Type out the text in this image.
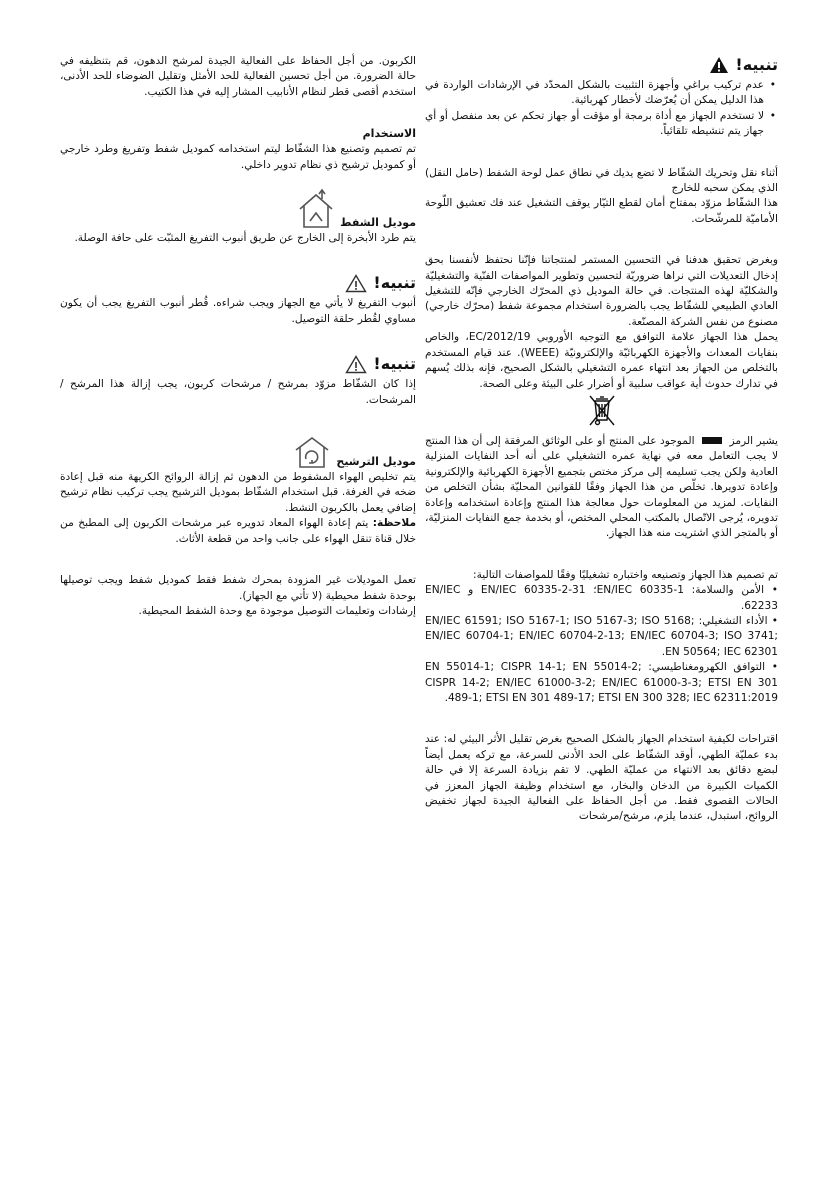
تنبيه!
• عدم تركيب براغي وأجهزة التثبيت بالشكل المحدّد في الإرشادات الواردة في هذا الدليل يمكن أن يُعرّضك لأخطار كهربائية.
• لا تستخدم الجهاز مع أداة برمجة أو مؤقت أو جهاز تحكم عن بعد منفصل أو أي جهاز يتم تنشيطه تلقائياً.

أثناء نقل وتحريك الشفّاط لا تضع يديك في نطاق عمل لوحة الشفط (حامل النقل) الذي يمكن سحبه للخارج

هذا الشفّاط مزوّد بمفتاح أمان لقطع التيّار يوقف التشغيل عند فك تعشيق اللّوحة الأماميّة للمرشّحات.

وبغرض تحقيق هدفنا في التحسين المستمر لمنتجاتنا فإنّنا نحتفظ لأنفسنا بحق إدخال التعديلات التي نراها ضروريّة لتحسين وتطوير المواصفات الفنّية والتشغيليّة والشكليّة لهذه المنتجات. في حالة الموديل ذي المحرّك الخارجي فإنّه للتشغيل العادي الطبيعي للشفّاط يجب بالضرورة استخدام مجموعة شفط (محرّك خارجي) مصنوع من نفس الشركة المصنّعة.

يحمل هذا الجهاز علامة التوافق مع التوجيه الأوروبي 2012/19/EC، والخاص بنفايات المعدات والأجهزة الكهربائيّة والإلكترونيّة (WEEE). عند قيام المستخدم بالتخلص من الجهاز بعد انتهاء عمره التشغيلي بالشكل الصحيح، فإنه بذلك يُسهم في تدارك حدوث أية عواقب سلبية أو أضرار على البيئة وعلى الصحة.

يشير الرمز  الموجود على المنتج أو على الوثائق المرفقة إلى أن هذا المنتج لا يجب التعامل معه في نهاية عمره التشغيلي على أنه أحد النفايات المنزلية العادية ولكن يجب تسليمه إلى مركز مختص بتجميع الأجهزة الكهربائية والإلكترونية وإعادة تدويرها. تخلّص من هذا الجهاز وفقًا للقوانين المحليّة بشأن التخلص من النفايات. لمزيد من المعلومات حول معالجة هذا المنتج وإعادة استخدامه وإعادة تدويره، يُرجى الاتّصال بالمكتب المحلي المختص، أو بخدمة جمع النفايات المنزليّة، أو بالمتجر الذي اشتريت منه هذا الجهاز.

تم تصميم هذا الجهاز وتصنيعه واختباره تشغيليًا وفقًا للمواصفات التالية:

• الأمن والسلامة: EN/IEC 60335-1؛ EN/IEC 60335-2-31 و EN/IEC 62233.

• الأداء التشغيلي: EN/IEC 61591; ISO 5167-1; ISO 5167-3; ISO 5168; EN/IEC 60704-1; EN/IEC 60704-2-13; EN/IEC 60704-3; ISO 3741; EN 50564; IEC 62301.

• التوافق الكهرومغناطيسي: EN 55014-1; CISPR 14-1; EN 55014-2; CISPR 14-2; EN/IEC 61000-3-2; EN/IEC 61000-3-3; ETSI EN 301 489-1; ETSI EN 301 489-17; ETSI EN 300 328; IEC 62311:2019.

اقتراحات لكيفية استخدام الجهاز بالشكل الصحيح بغرض تقليل الأثر البيئي له: عند بدء عمليّة الطهي، أوقد الشفّاط على الحد الأدنى للسرعة، مع تركه يعمل أيضاً لبضع دقائق بعد الانتهاء من عمليّة الطهي. لا تقم بزيادة السرعة إلا في حالة الكميات الكبيرة من الدخان والبخار، مع استخدام وظيفة الجهاز المعزز في الحالات القصوى فقط. من أجل الحفاظ على الفعالية الجيدة لجهاز تخفيض الروائح، استبدل، عندما يلزم، مرشح/مرشحات

الكربون. من أجل الحفاظ على الفعالية الجيدة لمرشح الدهون، قم بتنظيفه في حالة الضرورة. من أجل تحسين الفعالية للحد الأمثل وتقليل الضوضاء للحد الأدنى، استخدم أقصى قطر لنظام الأنابيب المشار إليه في هذا الكتيب.

الاستخدام

تم تصميم وتصنيع هذا الشفّاط ليتم استخدامه كموديل شفط وتفريغ وطرد خارجي أو كموديل ترشيح ذي نظام تدوير داخلي.

موديل الشفط

يتم طرد الأبخرة إلى الخارج عن طريق أنبوب التفريغ المثبّت على حافة الوصلة.

تنبيه!

أنبوب التفريغ لا يأتي مع الجهاز ويجب شراءه. قُطر أنبوب التفريغ يجب أن يكون مساوي لقُطر حلقة التوصيل.

تنبيه!

إذا كان الشفّاط مزوّد بمرشح / مرشحات كربون، يجب إزالة هذا المرشح / المرشحات.

موديل الترشيح

يتم تخليص الهواء المشفوط من الدهون ثم إزالة الروائح الكريهة منه قبل إعادة ضخه في الغرفة. قبل استخدام الشفّاط بموديل الترشيح يجب تركيب نظام ترشيح إضافي يعمل بالكربون النشط.

ملاحظة: يتم إعادة الهواء المعاد تدويره عبر مرشحات الكربون إلى المطبخ من خلال قناة تنقل الهواء على جانب واحد من قطعة الأثاث.

تعمل الموديلات غير المزودة بمحرك شفط فقط كموديل شفط ويجب توصيلها بوحدة شفط محيطية (لا تأتي مع الجهاز).

إرشادات وتعليمات التوصيل موجودة مع وحدة الشفط المحيطية.
